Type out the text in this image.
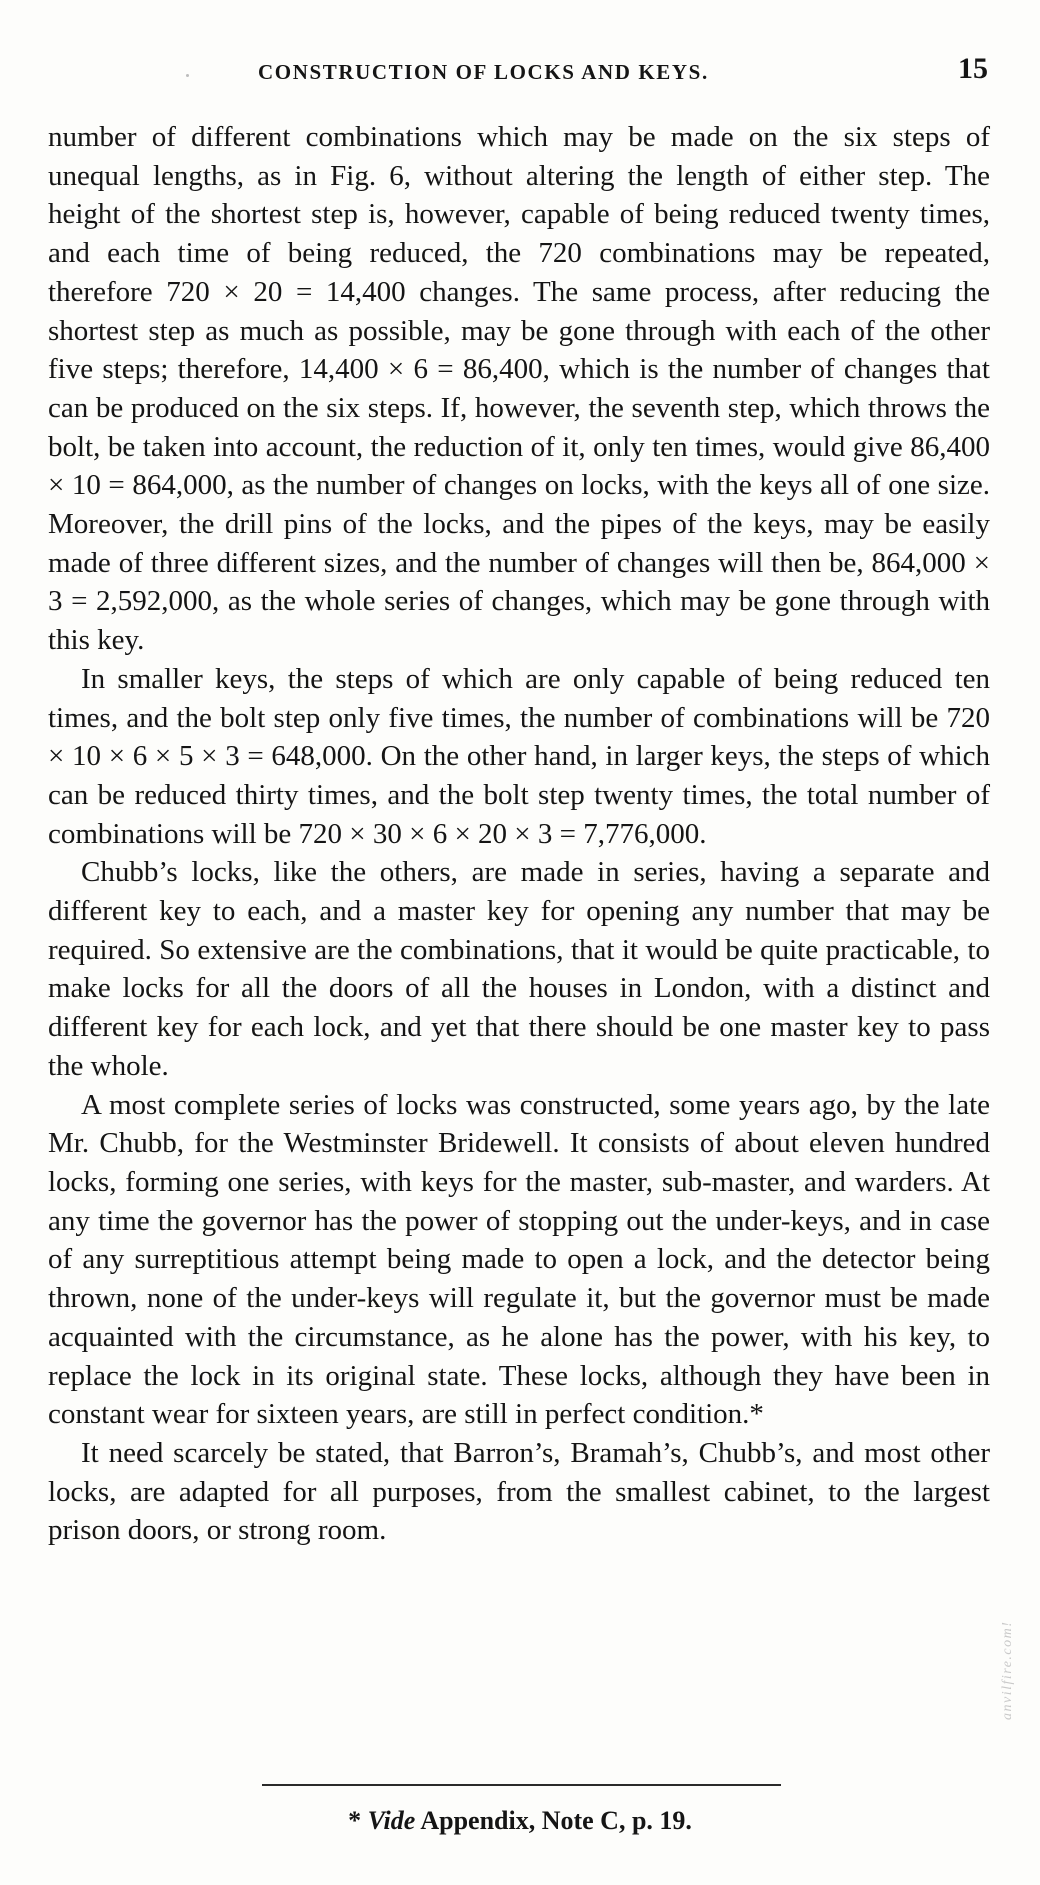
CONSTRUCTION OF LOCKS AND KEYS.	15

number of different combinations which may be made on the six steps of unequal lengths, as in Fig. 6, without altering the length of either step. The height of the shortest step is, however, capable of being reduced twenty times, and each time of being reduced, the 720 combinations may be repeated, therefore 720 × 20 = 14,400 changes. The same process, after reducing the shortest step as much as possible, may be gone through with each of the other five steps; therefore, 14,400 × 6 = 86,400, which is the number of changes that can be produced on the six steps. If, however, the seventh step, which throws the bolt, be taken into account, the reduction of it, only ten times, would give 86,400 × 10 = 864,000, as the number of changes on locks, with the keys all of one size. Moreover, the drill pins of the locks, and the pipes of the keys, may be easily made of three different sizes, and the number of changes will then be, 864,000 × 3 = 2,592,000, as the whole series of changes, which may be gone through with this key.

In smaller keys, the steps of which are only capable of being reduced ten times, and the bolt step only five times, the number of combinations will be 720 × 10 × 6 × 5 × 3 = 648,000. On the other hand, in larger keys, the steps of which can be reduced thirty times, and the bolt step twenty times, the total number of combinations will be 720 × 30 × 6 × 20 × 3 = 7,776,000.

Chubb’s locks, like the others, are made in series, having a separate and different key to each, and a master key for opening any number that may be required. So extensive are the combinations, that it would be quite practicable, to make locks for all the doors of all the houses in London, with a distinct and different key for each lock, and yet that there should be one master key to pass the whole.

A most complete series of locks was constructed, some years ago, by the late Mr. Chubb, for the Westminster Bridewell. It consists of about eleven hundred locks, forming one series, with keys for the master, sub-master, and warders. At any time the governor has the power of stopping out the under-keys, and in case of any surreptitious attempt being made to open a lock, and the detector being thrown, none of the under-keys will regulate it, but the governor must be made acquainted with the circumstance, as he alone has the power, with his key, to replace the lock in its original state. These locks, although they have been in constant wear for sixteen years, are still in perfect condition.*

It need scarcely be stated, that Barron’s, Bramah’s, Chubb’s, and most other locks, are adapted for all purposes, from the smallest cabinet, to the largest prison doors, or strong room.

* Vide Appendix, Note C, p. 19.
anvilfire.com!
